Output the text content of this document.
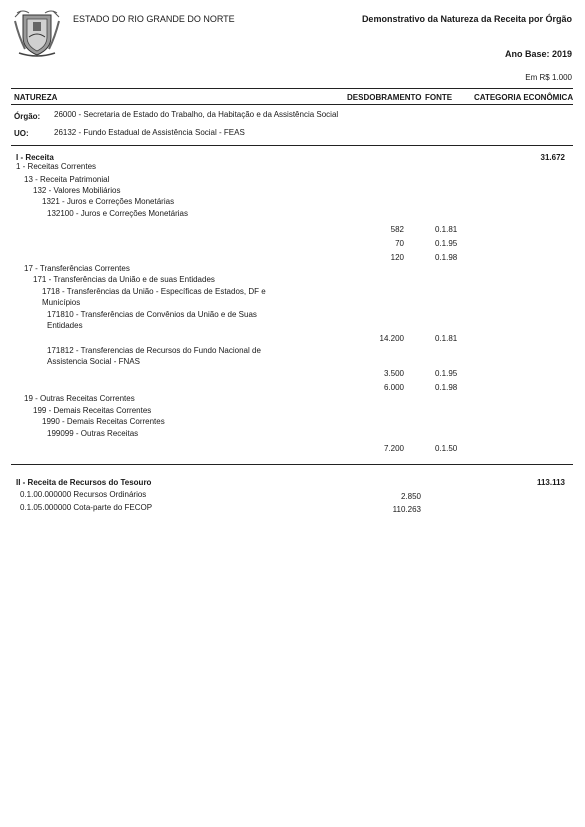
ESTADO DO RIO GRANDE DO NORTE	Demonstrativo da Natureza da Receita por Órgão
Ano Base: 2019
Em R$ 1.000
NATUREZA	DESDOBRAMENTO FONTE	CATEGORIA ECONÔMICA
Órgão: 26000 - Secretaria de Estado do Trabalho, da Habitação e da Assistência Social
UO:	26132 - Fundo Estadual de Assistência Social - FEAS
I - Receita	31.672
1 - Receitas Correntes
13 - Receita Patrimonial
132 - Valores Mobiliários
1321 - Juros e Correções Monetárias
132100 - Juros e Correções Monetárias
582	0.1.81
70	0.1.95
120	0.1.98
17 - Transferências Correntes
171 - Transferências da União e de suas Entidades
1718 - Transferências da União - Específicas de Estados, DF e Municípios
171810 - Transferências de Convênios da União e de Suas Entidades
14.200	0.1.81
171812 - Transferencias de Recursos do Fundo Nacional de Assistencia Social - FNAS
3.500	0.1.95
6.000	0.1.98
19 - Outras Receitas Correntes
199 - Demais Receitas Correntes
1990 - Demais Receitas Correntes
199099 - Outras Receitas
7.200	0.1.50
II - Receita de Recursos do Tesouro	113.113
0.1.00.000000 Recursos Ordinários	2.850
0.1.05.000000 Cota-parte do FECOP	110.263
